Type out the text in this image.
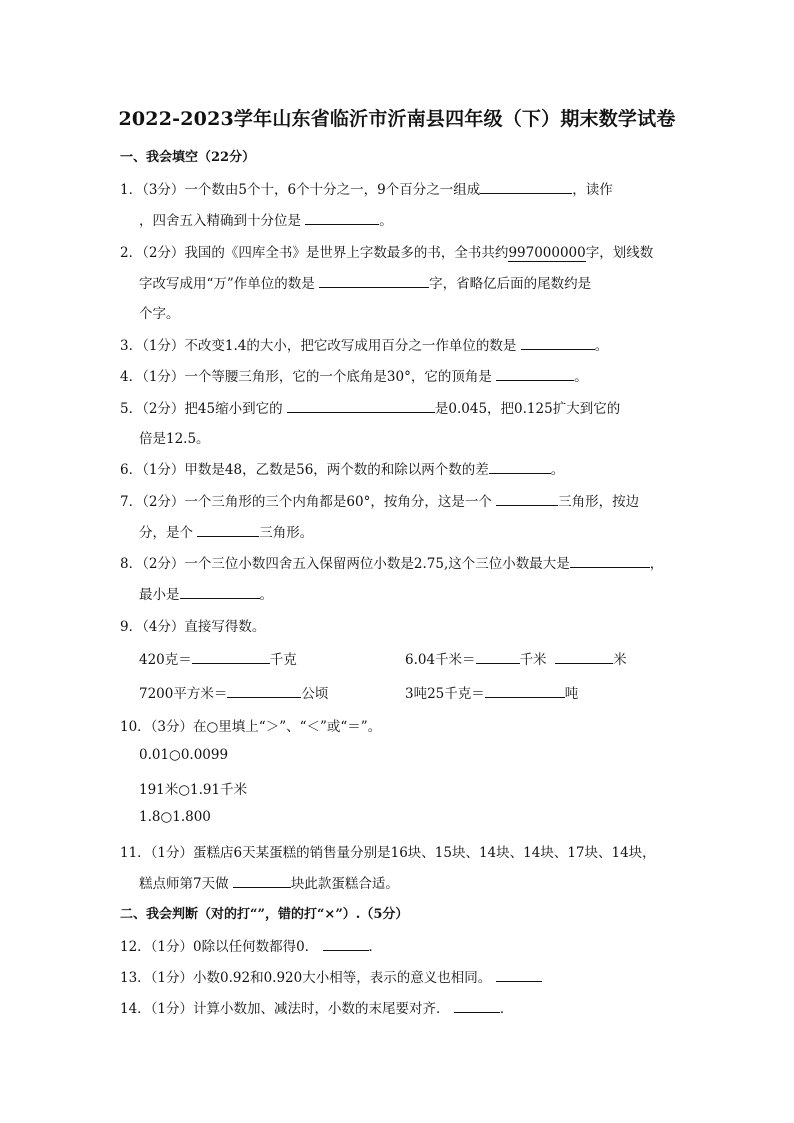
2022-2023学年山东省临沂市沂南县四年级（下）期末数学试卷
一、我会填空（22分）
1．（3分）一个数由5个十，6个十分之一，9个百分之一组成	，读作
，四舍五入精确到十分位是	。
2．（2分）我国的《四库全书》是世界上字数最多的书，全书共约997000000字，划线数
字改写成用“万”作单位的数是	字，省略亿后面的尾数约是
个字。
3．（1分）不改变1.4的大小，把它改写成用百分之一作单位的数是	。
4．（1分）一个等腰三角形，它的一个底角是30°，它的顶角是	。
5．（2分）把45缩小到它的	是0.045，把0.125扩大到它的
倍是12.5。
6．（1分）甲数是48，乙数是56，两个数的和除以两个数的差	。
7．（2分）一个三角形的三个内角都是60°，按角分，这是一个	三角形，按边
分，是个	三角形。
8．（2分）一个三位小数四舍五入保留两位小数是2.75,这个三位小数最大是	，
最小是	。
9．（4分）直接写得数。
420克＝	千克	6.04千米＝	千米	米
7200平方米＝	公顷	3吨25千克＝	吨
10．（3分）在○里填上“＞”、“＜”或“＝”。
0.01○0.0099
191米○1.91千米
1.8○1.800
11．（1分）蛋糕店6天某蛋糕的销售量分别是16块、15块、14块、14块、17块、14块，
糕点师第7天做	块此款蛋糕合适。
二、我会判断（对的打“”，错的打“×”）.（5分）
12．（1分）0除以任何数都得0．	．
13．（1分）小数0.92和0.920大小相等，表示的意义也相同。
14．（1分）计算小数加、减法时，小数的末尾要对齐．	．
